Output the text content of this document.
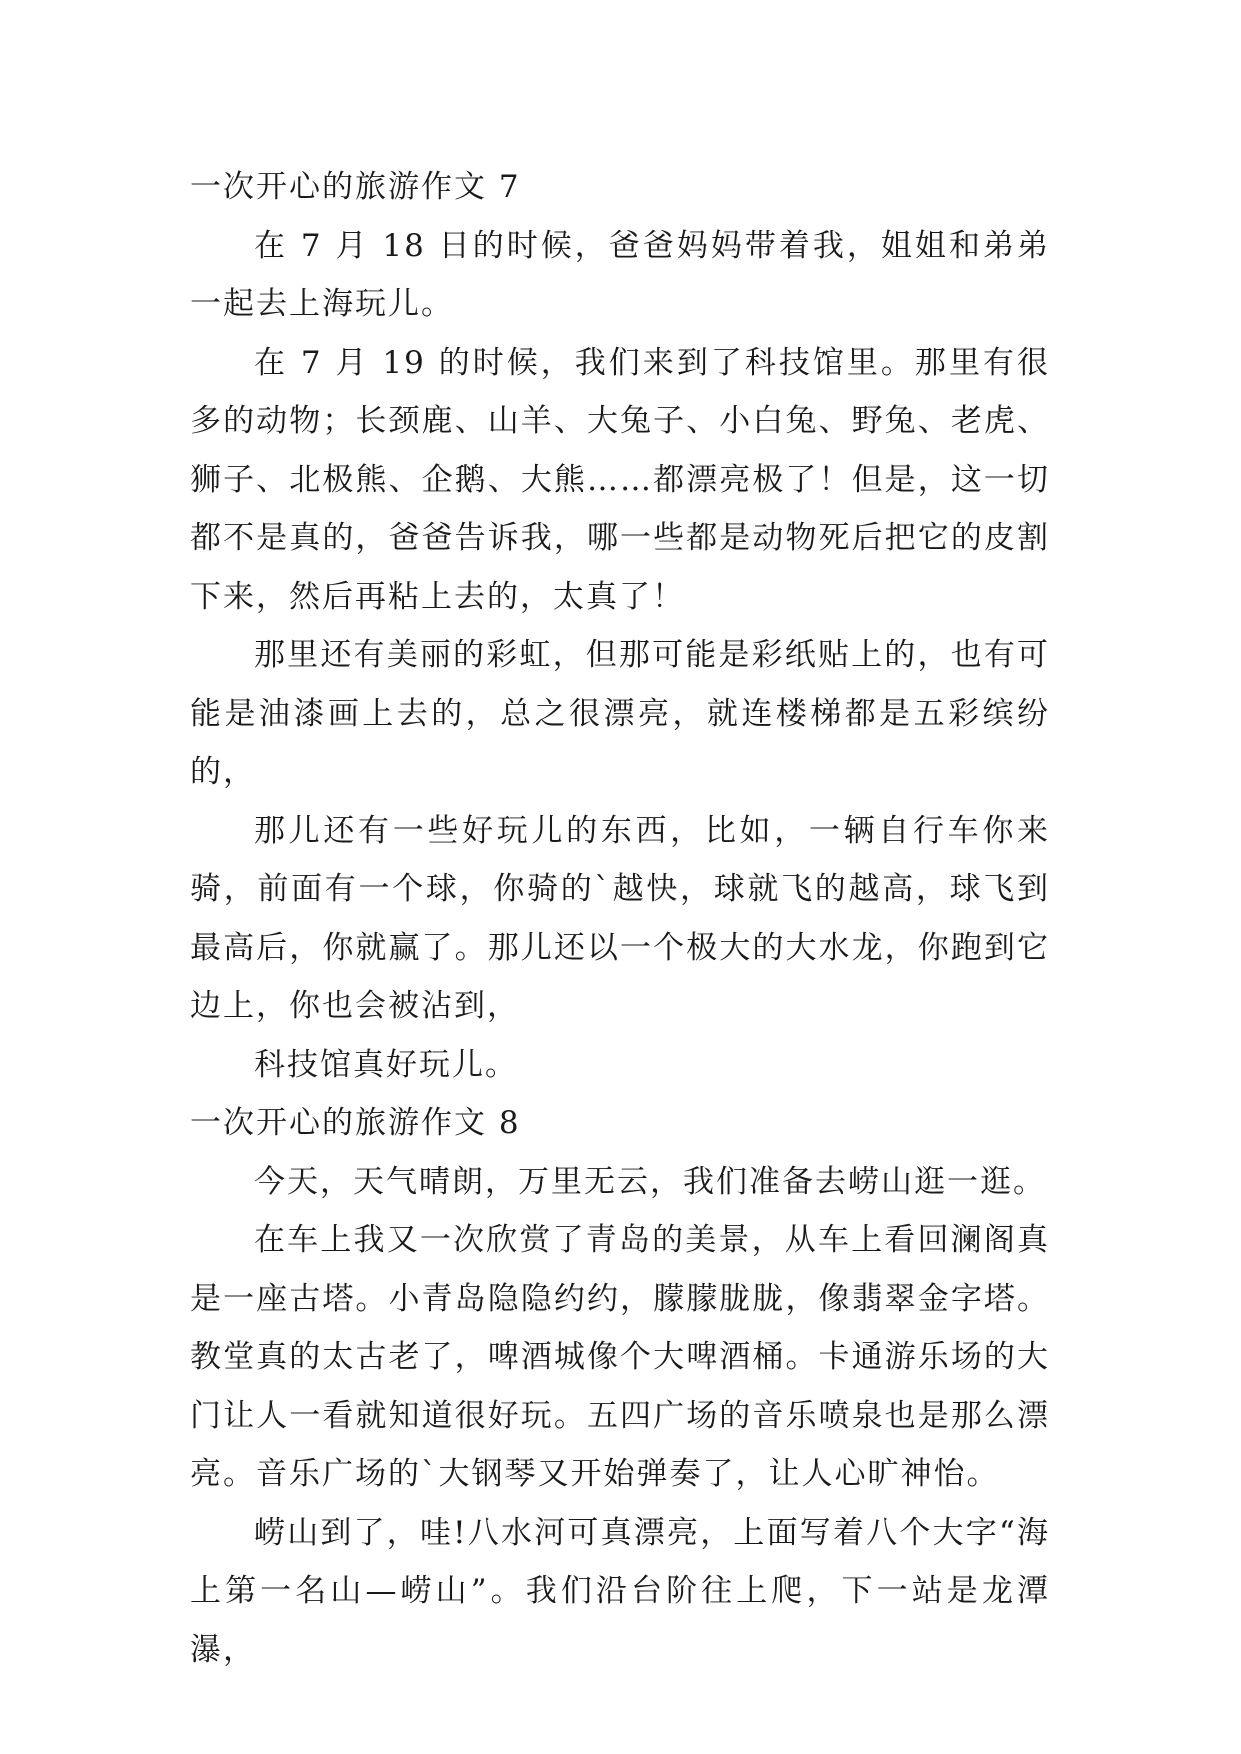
一次开心的旅游作文 7

在 7 月 18 日的时候，爸爸妈妈带着我，姐姐和弟弟一起去上海玩儿。

在 7 月 19 的时候，我们来到了科技馆里。那里有很多的动物；长颈鹿、山羊、大兔子、小白兔、野兔、老虎、狮子、北极熊、企鹅、大熊……都漂亮极了！但是，这一切都不是真的，爸爸告诉我，哪一些都是动物死后把它的皮割下来，然后再粘上去的，太真了！

那里还有美丽的彩虹，但那可能是彩纸贴上的，也有可能是油漆画上去的，总之很漂亮，就连楼梯都是五彩缤纷的，

那儿还有一些好玩儿的东西，比如，一辆自行车你来骑，前面有一个球，你骑的`越快，球就飞的越高，球飞到最高后，你就赢了。那儿还以一个极大的大水龙，你跑到它边上，你也会被沾到，

科技馆真好玩儿。

一次开心的旅游作文 8

今天，天气晴朗，万里无云，我们准备去崂山逛一逛。

在车上我又一次欣赏了青岛的美景，从车上看回澜阁真是一座古塔。小青岛隐隐约约，朦朦胧胧，像翡翠金字塔。教堂真的太古老了，啤酒城像个大啤酒桶。卡通游乐场的大门让人一看就知道很好玩。五四广场的音乐喷泉也是那么漂亮。音乐广场的`大钢琴又开始弹奏了，让人心旷神怡。

崂山到了，哇!八水河可真漂亮，上面写着八个大字“海上第一名山—崂山”。我们沿台阶往上爬，下一站是龙潭瀑，
